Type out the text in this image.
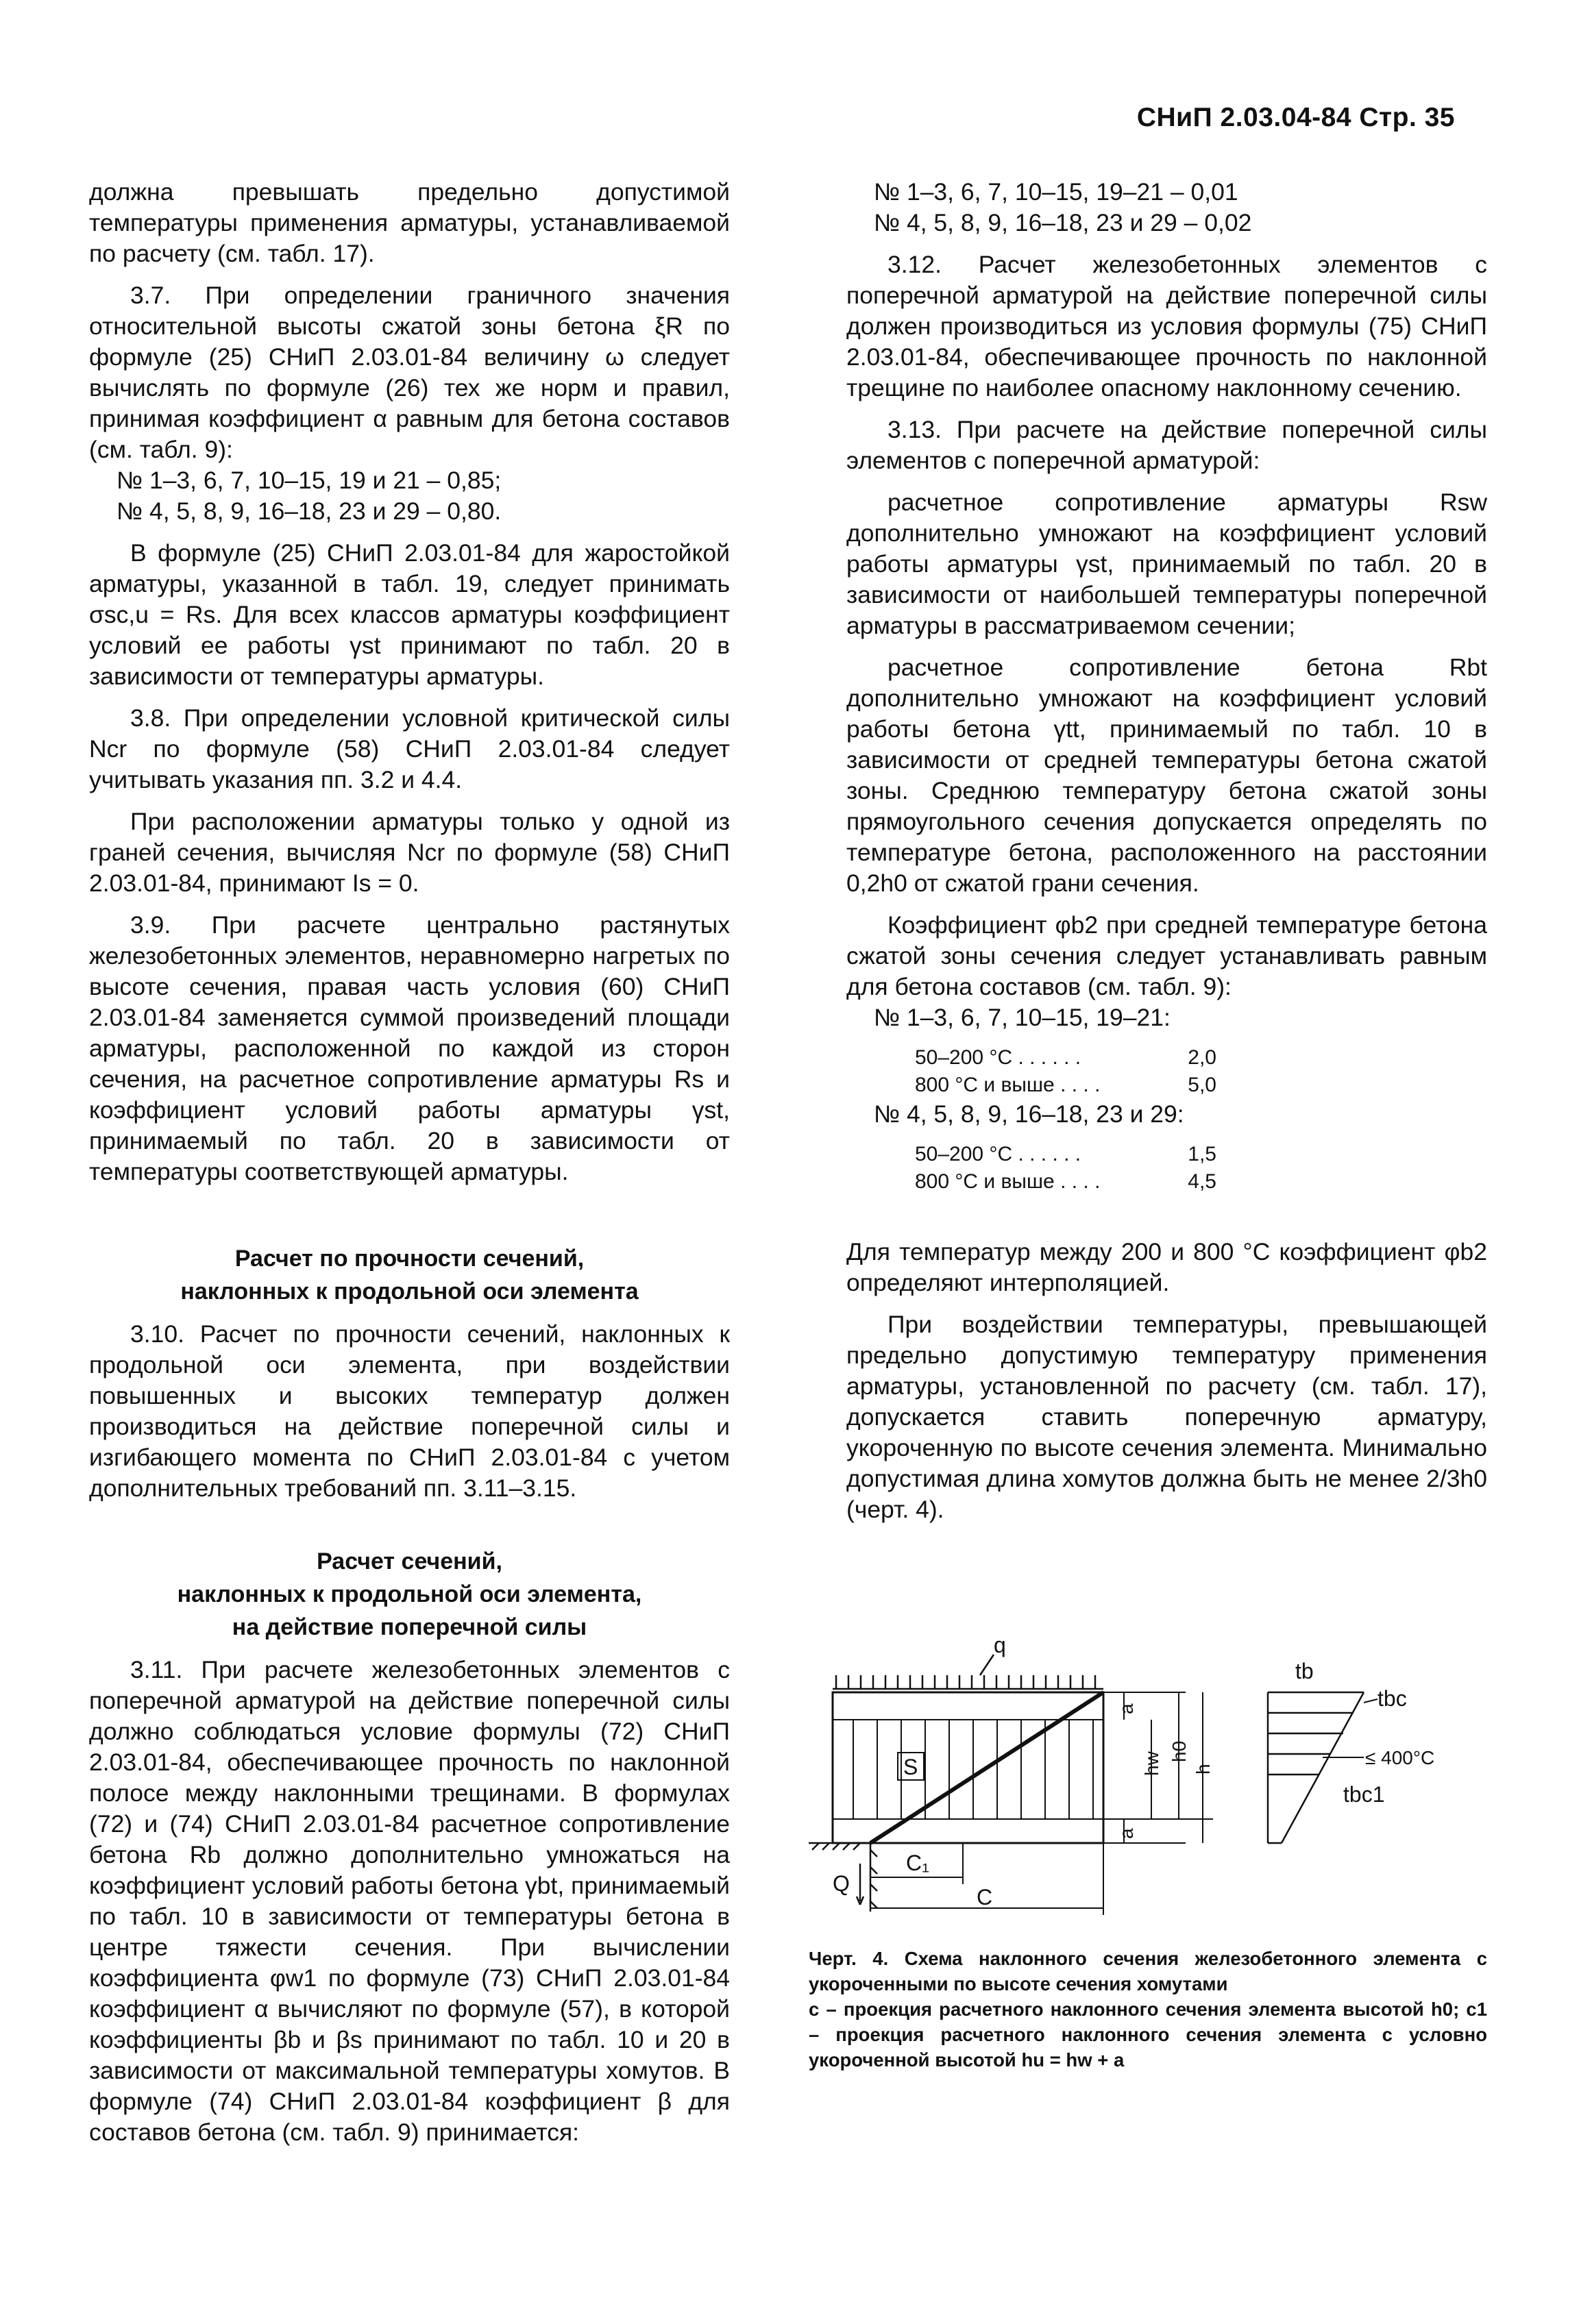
СНиП 2.03.04-84 Стр. 35

должна превышать предельно допустимой температуры применения арматуры, устанавливаемой по расчету (см. табл. 17).

3.7. При определении граничного значения относительной высоты сжатой зоны бетона ξR по формуле (25) СНиП 2.03.01-84 величину ω следует вычислять по формуле (26) тех же норм и правил, принимая коэффициент α равным для бетона составов (см. табл. 9):

№ 1–3, 6, 7, 10–15, 19 и 21 – 0,85;

№ 4, 5, 8, 9, 16–18, 23 и 29 – 0,80.

В формуле (25) СНиП 2.03.01-84 для жаростойкой арматуры, указанной в табл. 19, следует принимать σsc,u = Rs. Для всех классов арматуры коэффициент условий ее работы γst принимают по табл. 20 в зависимости от температуры арматуры.

3.8. При определении условной критической силы Ncr по формуле (58) СНиП 2.03.01-84 следует учитывать указания пп. 3.2 и 4.4.

При расположении арматуры только у одной из граней сечения, вычисляя Ncr по формуле (58) СНиП 2.03.01-84, принимают Is = 0.

3.9. При расчете центрально растянутых железобетонных элементов, неравномерно нагретых по высоте сечения, правая часть условия (60) СНиП 2.03.01-84 заменяется суммой произведений площади арматуры, расположенной по каждой из сторон сечения, на расчетное сопротивление арматуры Rs и коэффициент условий работы арматуры γst, принимаемый по табл. 20 в зависимости от температуры соответствующей арматуры.

Расчет по прочности сечений,

наклонных к продольной оси элемента

3.10. Расчет по прочности сечений, наклонных к продольной оси элемента, при воздействии повышенных и высоких температур должен производиться на действие поперечной силы и изгибающего момента по СНиП 2.03.01-84 с учетом дополнительных требований пп. 3.11–3.15.

Расчет сечений,

наклонных к продольной оси элемента,

на действие поперечной силы

3.11. При расчете железобетонных элементов с поперечной арматурой на действие поперечной силы должно соблюдаться условие формулы (72) СНиП 2.03.01-84, обеспечивающее прочность по наклонной полосе между наклонными трещинами. В формулах (72) и (74) СНиП 2.03.01-84 расчетное сопротивление бетона Rb должно дополнительно умножаться на коэффициент условий работы бетона γbt, принимаемый по табл. 10 в зависимости от температуры бетона в центре тяжести сечения. При вычислении коэффициента φw1 по формуле (73) СНиП 2.03.01-84 коэффициент α вычисляют по формуле (57), в которой коэффициенты βb и βs принимают по табл. 10 и 20 в зависимости от максимальной температуры хомутов. В формуле (74) СНиП 2.03.01-84 коэффициент β для составов бетона (см. табл. 9) принимается:

№ 1–3, 6, 7, 10–15, 19–21 – 0,01

№ 4, 5, 8, 9, 16–18, 23 и 29 – 0,02

3.12. Расчет железобетонных элементов с поперечной арматурой на действие поперечной силы должен производиться из условия формулы (75) СНиП 2.03.01-84, обеспечивающее прочность по наклонной трещине по наиболее опасному наклонному сечению.

3.13. При расчете на действие поперечной силы элементов с поперечной арматурой:

расчетное сопротивление арматуры Rsw дополнительно умножают на коэффициент условий работы арматуры γst, принимаемый по табл. 20 в зависимости от наибольшей температуры поперечной арматуры в рассматриваемом сечении;

расчетное сопротивление бетона Rbt дополнительно умножают на коэффициент условий работы бетона γtt, принимаемый по табл. 10 в зависимости от средней температуры бетона сжатой зоны. Среднюю температуру бетона сжатой зоны прямоугольного сечения допускается определять по температуре бетона, расположенного на расстоянии 0,2h0 от сжатой грани сечения.

Коэффициент φb2 при средней температуре бетона сжатой зоны сечения следует устанавливать равным для бетона составов (см. табл. 9):

№ 1–3, 6, 7, 10–15, 19–21:

50–200 °С . . . . . .	2,0
800 °С и выше . . . .	5,0

№ 4, 5, 8, 9, 16–18, 23 и 29:

50–200 °С . . . . . .	1,5
800 °С и выше . . . .	4,5

Для температур между 200 и 800 °С коэффициент φb2 определяют интерполяцией.

При воздействии температуры, превышающей предельно допустимую температуру применения арматуры, установленной по расчету (см. табл. 17), допускается ставить поперечную арматуру, укороченную по высоте сечения элемента. Минимально допустимая длина хомутов должна быть не менее 2/3h0 (черт. 4).

q
S
Q
C₁
C
a
hw h0
h
a
tb
tbc
≤ 400°C
tbc1

Черт. 4. Схема наклонного сечения железобетонного элемента с укороченными по высоте сечения хомутами

c – проекция расчетного наклонного сечения элемента высотой h0; c1 – проекция расчетного наклонного сечения элемента с условно укороченной высотой hu = hw + a
